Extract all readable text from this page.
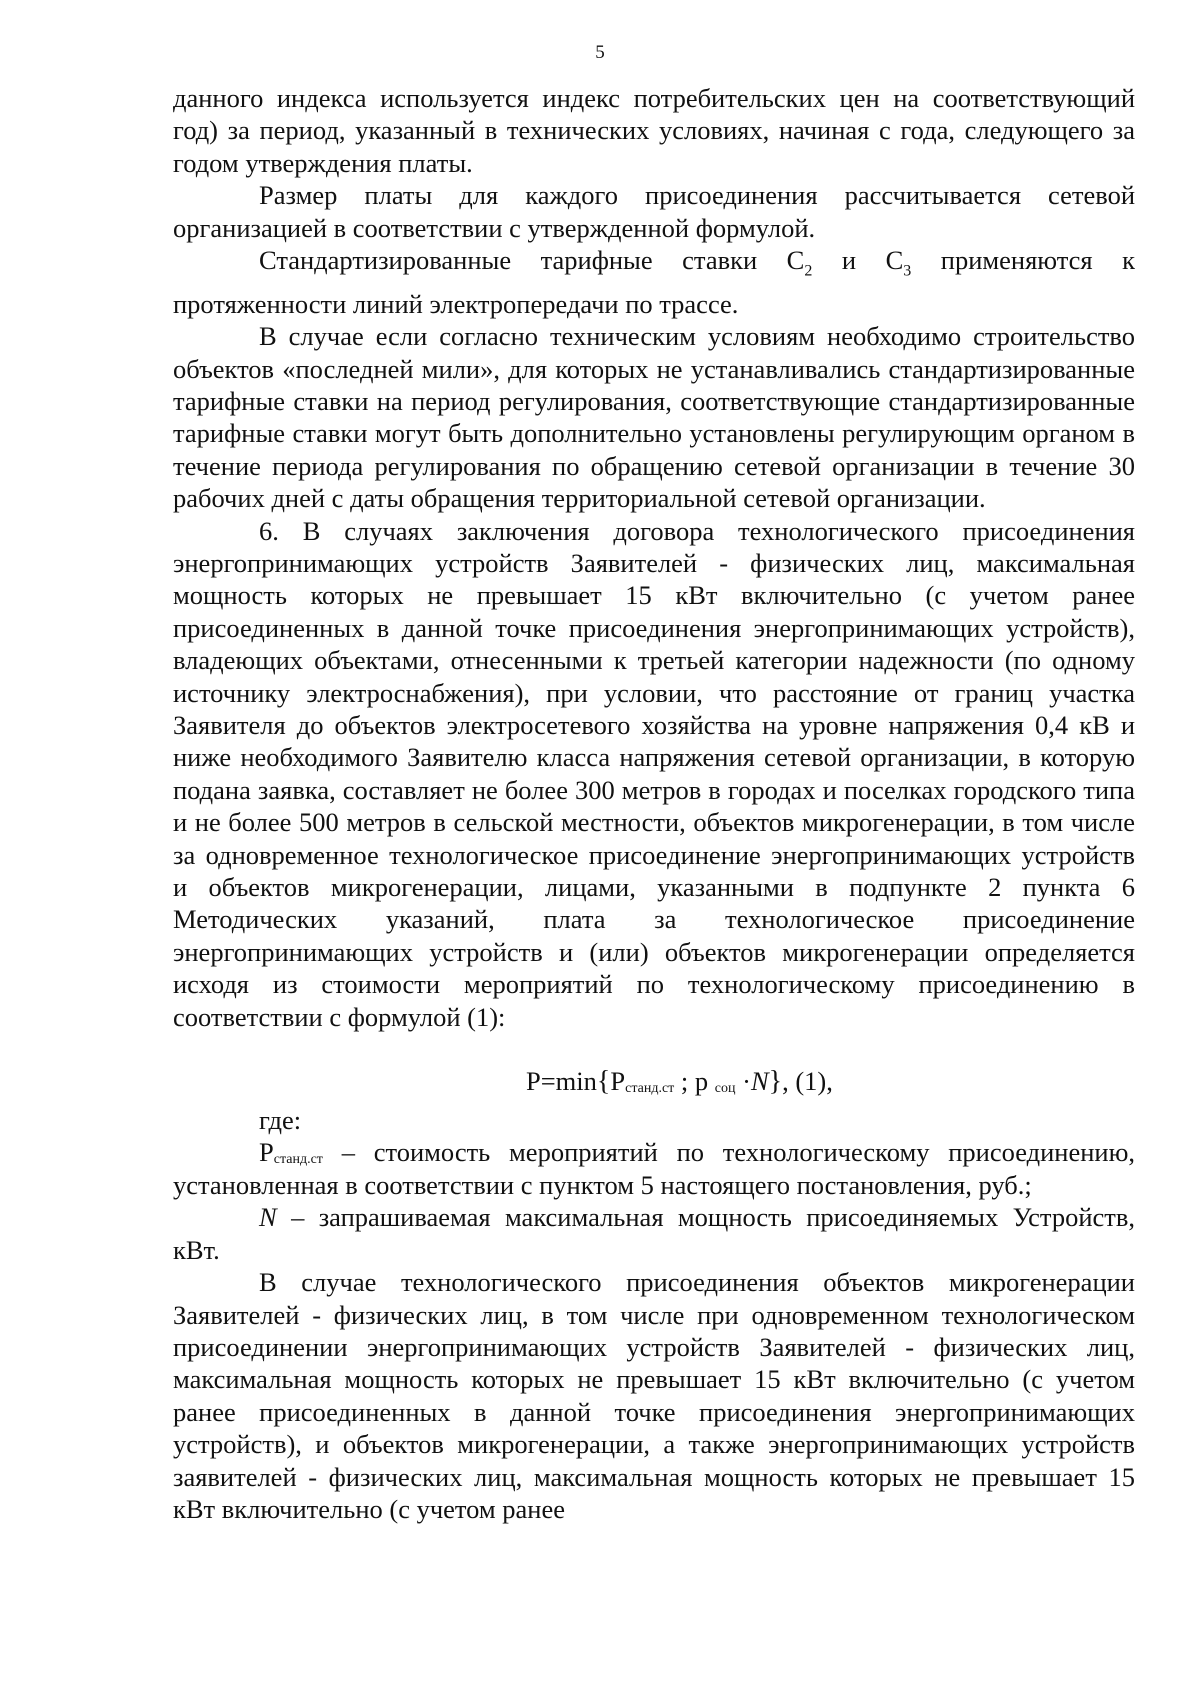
5

данного индекса используется индекс потребительских цен на соответствующий год) за период, указанный в технических условиях, начиная с года, следующего за годом утверждения платы.

Размер платы для каждого присоединения рассчитывается сетевой организацией в соответствии с утвержденной формулой.

Стандартизированные тарифные ставки $С_2$ и $С_3$ применяются к протяженности линий электропередачи по трассе.

В случае если согласно техническим условиям необходимо строительство объектов «последней мили», для которых не устанавливались стандартизированные тарифные ставки на период регулирования, соответствующие стандартизированные тарифные ставки могут быть дополнительно установлены регулирующим органом в течение периода регулирования по обращению сетевой организации в течение 30 рабочих дней с даты обращения территориальной сетевой организации.

6. В случаях заключения договора технологического присоединения энергопринимающих устройств Заявителей - физических лиц, максимальная мощность которых не превышает 15 кВт включительно (с учетом ранее присоединенных в данной точке присоединения энергопринимающих устройств), владеющих объектами, отнесенными к третьей категории надежности (по одному источнику электроснабжения), при условии, что расстояние от границ участка Заявителя до объектов электросетевого хозяйства на уровне напряжения 0,4 кВ и ниже необходимого Заявителю класса напряжения сетевой организации, в которую подана заявка, составляет не более 300 метров в городах и поселках городского типа и не более 500 метров в сельской местности, объектов микрогенерации, в том числе за одновременное технологическое присоединение энергопринимающих устройств и объектов микрогенерации, лицами, указанными в подпункте 2 пункта 6 Методических указаний, плата за технологическое присоединение энергопринимающих устройств и (или) объектов микрогенерации определяется исходя из стоимости мероприятий по технологическому присоединению в соответствии с формулой (1):

$P=\min\{P_{станд.ст}$ ; p $_{соц}$ ·N}, (1),

где:

$P_{станд.ст}$ – стоимость мероприятий по технологическому присоединению, установленная в соответствии с пунктом 5 настоящего постановления, руб.;

N – запрашиваемая максимальная мощность присоединяемых Устройств, кВт.

В случае технологического присоединения объектов микрогенерации Заявителей - физических лиц, в том числе при одновременном технологическом присоединении энергопринимающих устройств Заявителей - физических лиц, максимальная мощность которых не превышает 15 кВт включительно (с учетом ранее присоединенных в данной точке присоединения энергопринимающих устройств), и объектов микрогенерации, а также энергопринимающих устройств заявителей - физических лиц, максимальная мощность которых не превышает 15 кВт включительно (с учетом ранее
